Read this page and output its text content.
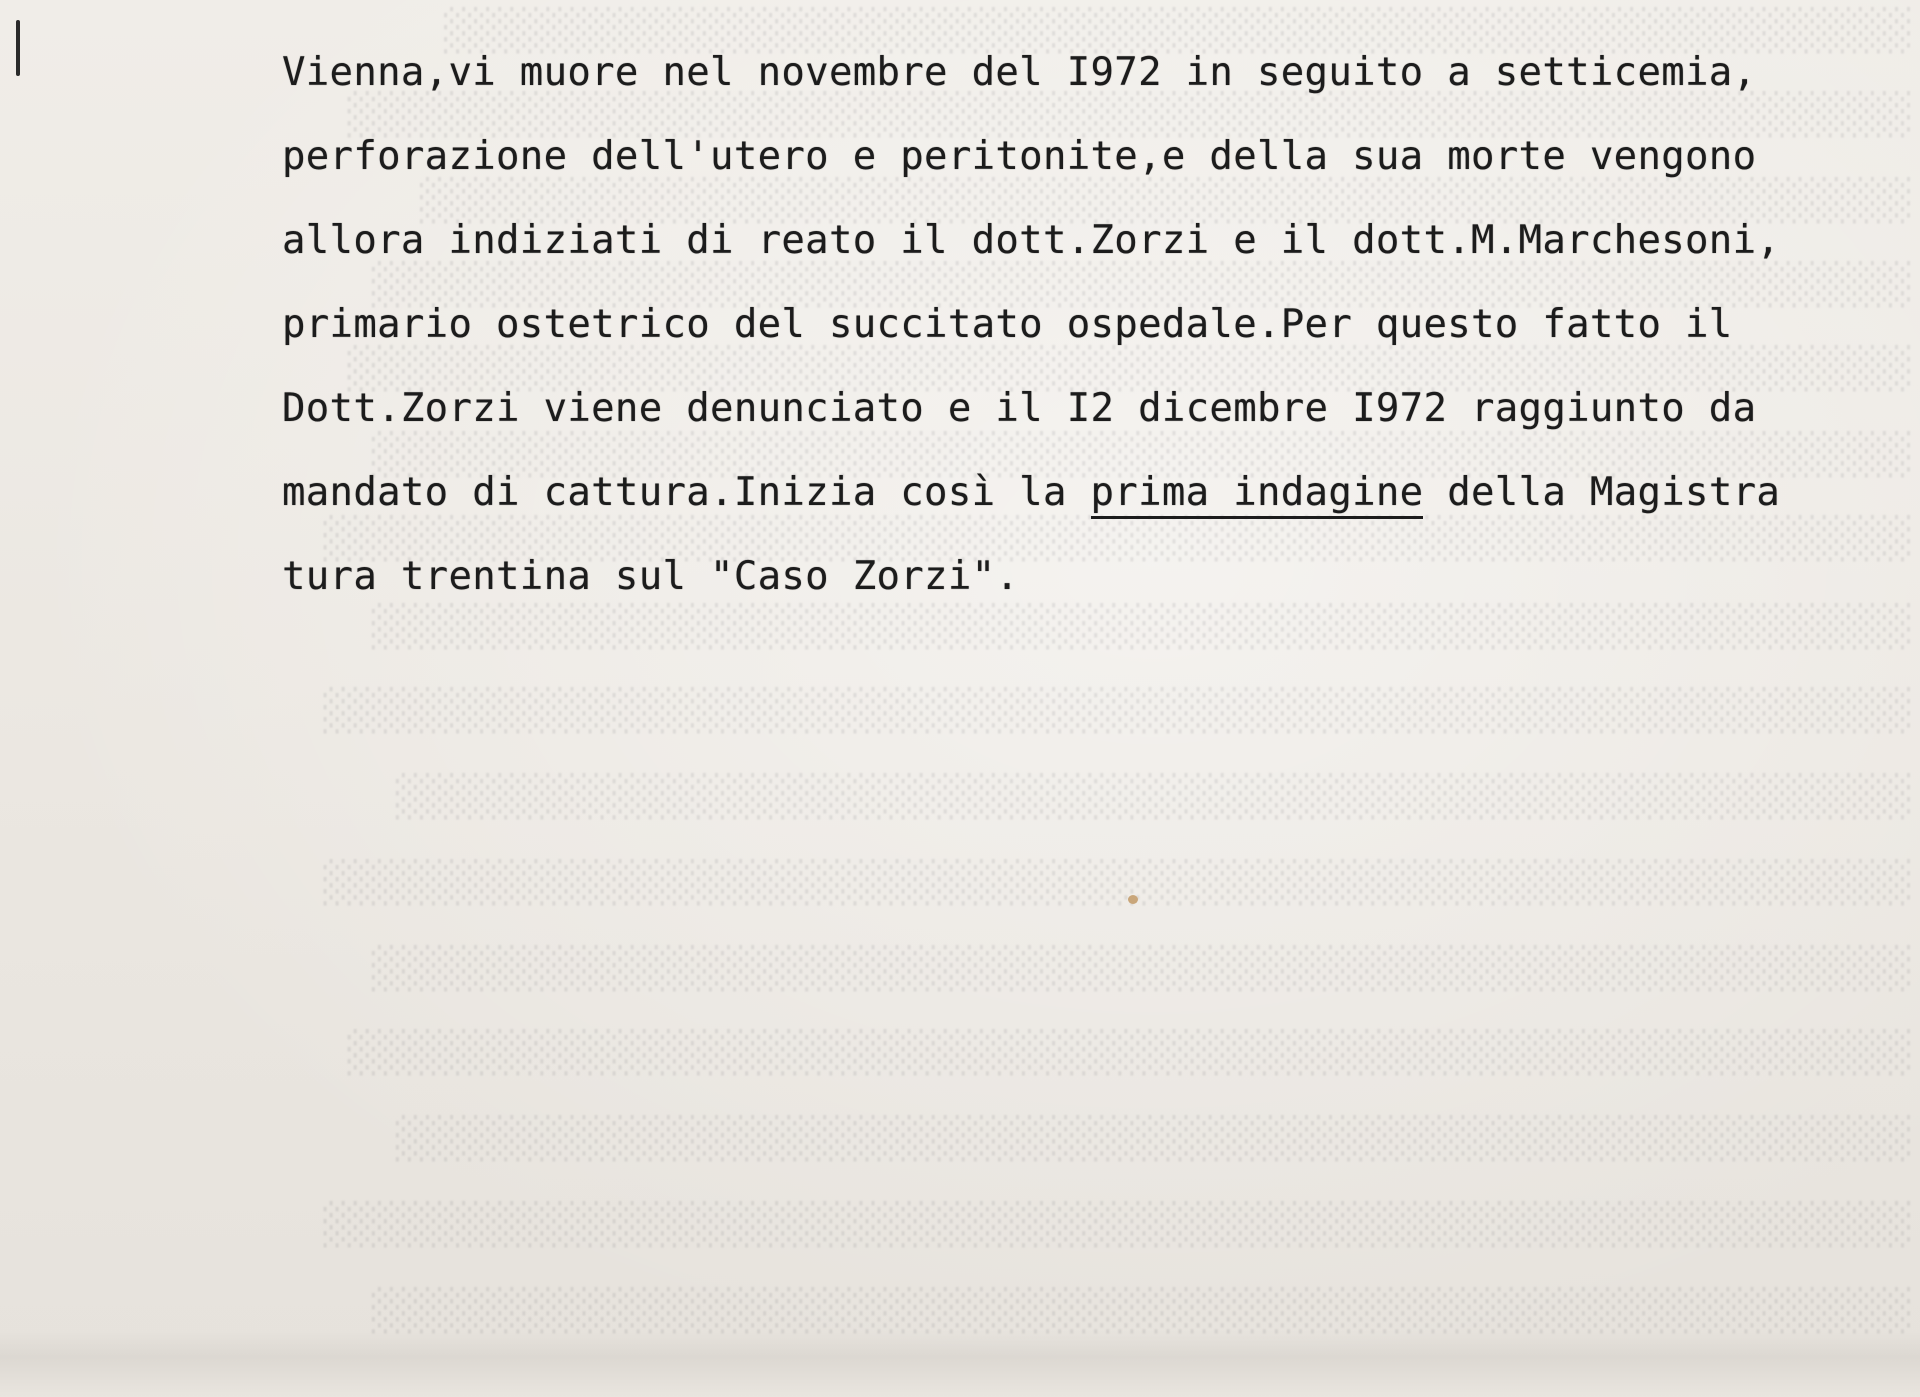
░░░░░░░░░░░░░░░░░░░░░░░░░░░░░░░░░░░░░░░░░░░░░░░░░░░░░░░░░░░░░
░░░░░░░░░░░░░░░░░░░░░░░░░░░░░░░░░░░░░░░░░░░░░░░░░░░░░░░░░░░░░░░░░
░░░░░░░░░░░░░░░░░░░░░░░░░░░░░░░░░░░░░░░░░░░░░░░░░░░░░░░░░░░░░░
░░░░░░░░░░░░░░░░░░░░░░░░░░░░░░░░░░░░░░░░░░░░░░░░░░░░░░░░░░░░░░░░
░░░░░░░░░░░░░░░░░░░░░░░░░░░░░░░░░░░░░░░░░░░░░░░░░░░░░░░░░░░░░░░░░
░░░░░░░░░░░░░░░░░░░░░░░░░░░░░░░░░░░░░░░░░░░░░░░░░░░░░░░░░░░░░░░░
░░░░░░░░░░░░░░░░░░░░░░░░░░░░░░░░░░░░░░░░░░░░░░░░░░░░░░░░░░░░░░░░░░
░░░░░░░░░░░░░░░░░░░░░░░░░░░░░░░░░░░░░░░░░░░░░░░░░░░░░░░░░░░░░░░░
░░░░░░░░░░░░░░░░░░░░░░░░░░░░░░░░░░░░░░░░░░░░░░░░░░░░░░░░░░░░░░░░░░
░░░░░░░░░░░░░░░░░░░░░░░░░░░░░░░░░░░░░░░░░░░░░░░░░░░░░░░░░░░░░░░
░░░░░░░░░░░░░░░░░░░░░░░░░░░░░░░░░░░░░░░░░░░░░░░░░░░░░░░░░░░░░░░░░░
░░░░░░░░░░░░░░░░░░░░░░░░░░░░░░░░░░░░░░░░░░░░░░░░░░░░░░░░░░░░░░░░
░░░░░░░░░░░░░░░░░░░░░░░░░░░░░░░░░░░░░░░░░░░░░░░░░░░░░░░░░░░░░░░░░
░░░░░░░░░░░░░░░░░░░░░░░░░░░░░░░░░░░░░░░░░░░░░░░░░░░░░░░░░░░░░░░
░░░░░░░░░░░░░░░░░░░░░░░░░░░░░░░░░░░░░░░░░░░░░░░░░░░░░░░░░░░░░░░░░░
░░░░░░░░░░░░░░░░░░░░░░░░░░░░░░░░░░░░░░░░░░░░░░░░░░░░░░░░░░░░░░░░
Vienna,vi muore nel novembre del I972 in seguito a setticemia,
perforazione dell'utero e peritonite,e della sua morte vengono
allora indiziati di reato il dott.Zorzi e il dott.M.Marchesoni,
primario ostetrico del succitato ospedale.Per questo fatto il
Dott.Zorzi viene denunciato e il I2 dicembre I972 raggiunto da
mandato di cattura.Inizia così la prima indagine della Magistra
tura trentina sul "Caso Zorzi".
